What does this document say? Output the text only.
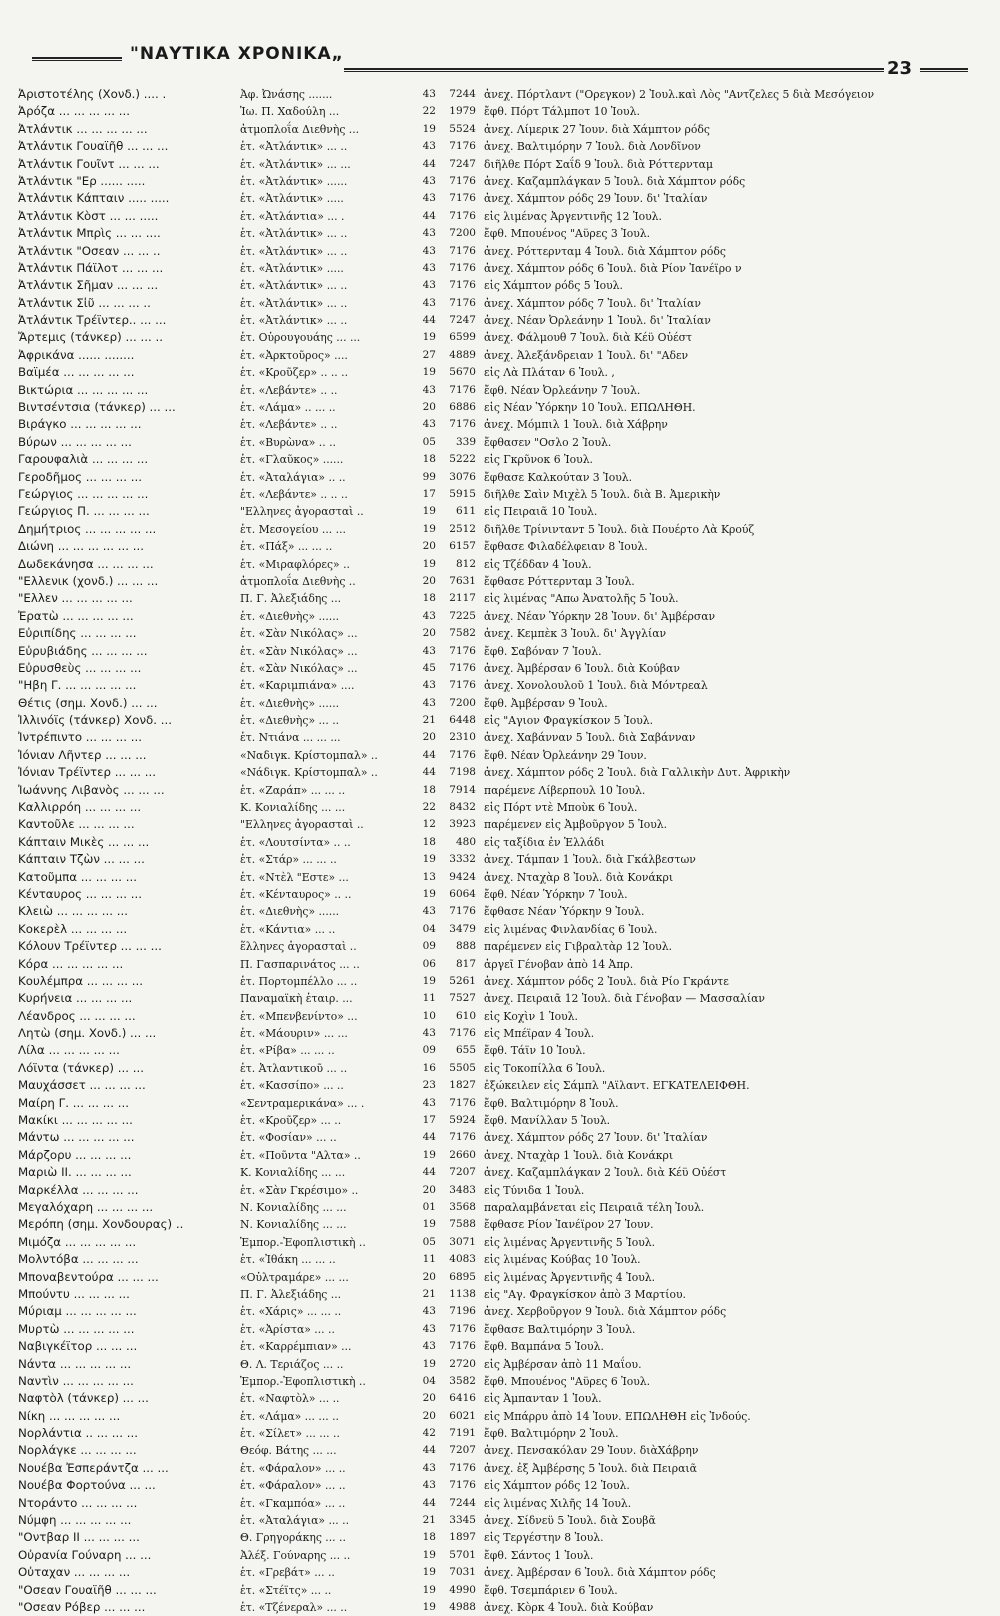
"ΝΑΥΤΙΚΑ ΧΡΟΝΙΚΑ„
23
Ἀριστοτέλης (Χονδ.) .... .	Ἀφ. Ὠνάσης .......	43	7244 ἀνεχ. Πόρτλαντ ("Ορεγκον) 2 Ἰουλ.καὶ Λὸς "Αντζελες 5 διὰ Μεσόγειον
Ἀρόζα ... ... ... ... ...	Ἰω. Π. Χαδούλη ...	22	1979 ἔφθ. Πόρτ Τάλμποτ 10 Ἰουλ.
Ἀτλάντικ ... ... ... ... ...	ἀτμοπλοΐα Διεθνὴς ...	19	5524 ἀνεχ. Λίμερικ 27 Ἰουν. διὰ Χάμπτον ρόδς
Ἀτλάντικ Γουαϊῆθ ... ... ...	ἑτ. «Ἀτλάντικ» ... ..	43	7176 ἀνεχ. Βαλτιμόρην 7 Ἰουλ. διὰ Λονδῖνον
Ἀτλάντικ Γουῖντ ... ... ...	ἑτ. «Ἀτλάντικ» ... ...	44	7247 διῆλθε Πόρτ Σαΐδ 9 Ἰουλ. διὰ Ρόττερνταμ
Ἀτλάντικ "Ερ ...... .....	ἑτ. «Ἀτλάντικ» ......	43	7176 ἀνεχ. Καζαμπλάγκαν 5 Ἰουλ. διὰ Χάμπτον ρόδς
Ἀτλάντικ Κάπταιν ..... .....	ἑτ. «Ἀτλάντικ» .....	43	7176 ἀνεχ. Χάμπτον ρόδς 29 Ἰουν. δι' Ἰταλίαν
Ἀτλάντικ Κὸστ ... ... .....	ἑτ. «Ἀτλάντια» ... .	44	7176 εἰς λιμένας Ἀργεντινῆς 12 Ἰουλ.
Ἀτλάντικ Μπρὶς ... ... ....	ἑτ. «Ἀτλάντικ» ... ..	43	7200 ἔφθ. Μπουένος "Αϋρες 3 Ἰουλ.
Ἀτλάντικ "Οσεαν ... ... ..	ἑτ. «Ἀτλάντικ» ... ..	43	7176 ἀνεχ. Ρόττερνταμ 4 Ἰουλ. διὰ Χάμπτον ρόδς
Ἀτλάντικ Πάϊλοτ ... ... ...	ἑτ. «Ἀτλάντικ» .....	43	7176 ἀνεχ. Χάμπτον ρόδς 6 Ἰουλ. διὰ Ρίον Ἰανέϊρο ν
Ἀτλάντικ Σῆμαν ... ... ...	ἑτ. «Ἀτλάντικ» ... ..	43	7176 εἰς Χάμπτον ρόδς 5 Ἰουλ.
Ἀτλάντικ Σἰῦ ... ... ... ..	ἑτ. «Ἀτλάντικ» ... ..	43	7176 ἀνεχ. Χάμπτον ρόδς 7 Ἰουλ. δι' Ἰταλίαν
Ἀτλάντικ Τρέϊντερ.. ... ...	ἑτ. «Ἀτλάντικ» ... ..	44	7247 ἀνεχ. Νέαν Ὀρλεάνην 1 Ἰουλ. δι' Ἰταλίαν
Ἄρτεμις (τάνκερ) ... ... ..	ἑτ. Οὐρουγουάης ... ...	19	6599 ἀνεχ. Φάλμουθ 7 Ἰουλ. διὰ Κέϋ Οὐέστ
Ἀφρικάνα ...... ........	ἑτ. «Ἀρκτοῦρος» ....	27	4889 ἀνεχ. Ἀλεξάνδρειαν 1 Ἰουλ. δι' "Αδεν
Βαϊμέα ... ... ... ... ...	ἑτ. «Κροῦζερ» .. .. ..	19	5670 εἰς Λὰ Πλάταν 6 Ἰουλ. ,
Βικτώρια ... ... ... ... ...	ἑτ. «Λεβάντε» .. ..	43	7176 ἔφθ. Νέαν Ὀρλεάνην 7 Ἰουλ.
Βιντσέντσια (τάνκερ) ... ...	ἑτ. «Λάμα» .. ... ..	20	6886 εἰς Νέαν Ὑόρκην 10 Ἰουλ. ΕΠΩΛΗΘΗ.
Βιράγκο ... ... ... ... ...	ἑτ. «Λεβάντε» .. ..	43	7176 ἀνεχ. Μόμπιλ 1 Ἰουλ. διὰ Χάβρην
Βύρων ... ... ... ... ...	ἑτ. «Βυρὼνα» .. ..	05	339 ἔφθασεν "Οσλο 2 Ἰουλ.
Γαρουφαλιὰ ... ... ... ...	ἑτ. «Γλαῦκος» ......	18	5222 εἰς Γκρῦνοκ 6 Ἰουλ.
Γεροδῆμος ... ... ... ...	ἑτ. «Ἀταλάγια» .. ..	99	3076 ἔφθασε Καλκούταν 3 Ἰουλ.
Γεώργιος ... ... ... ... ...	ἑτ. «Λεβάντε» .. .. ..	17	5915 διῆλθε Σαὶν Μιχὲλ 5 Ἰουλ. διὰ Β. Ἀμερικὴν
Γεώργιος Π. ... ... ... ...	"Ελληνες ἀγορασταὶ ..	19	611 εἰς Πειραιᾶ 10 Ἰουλ.
Δημήτριος ... ... ... ... ...	ἑτ. Μεσογείου ... ...	19	2512 διῆλθε Τρίνιντανт 5 Ἰουλ. διὰ Πουέρτο Λὰ Κρούζ
Διώνη ... ... ... ... ... ...	ἑτ. «Πάξ» ... ... ..	20	6157 ἔφθασε Φιλαδέλφειαν 8 Ἰουλ.
Δωδεκάνησα ... ... ... ...	ἑτ. «Μιραφλόρες» ..	19	812 εἰς Τζέδδαν 4 Ἰουλ.
"Ελλενικ (χονδ.) ... ... ...	ἀτμοπλοΐα Διεθνὴς ..	20	7631 ἔφθασε Ρόττερνταμ 3 Ἰουλ.
"Ελλεν ... ... ... ... ...	Π. Γ. Ἀλεξιάδης ...	18	2117 εἰς λιμένας "Απω Ἀνατολῆς 5 Ἰουλ.
Ἐρατὼ ... ... ... ... ...	ἑτ. «Διεθνὴς» ......	43	7225 ἀνεχ. Νέαν Ὑόρκην 28 Ἰουν. δι' Ἀμβέρσαν
Εὐριπίδης ... ... ... ...	ἑτ. «Σὰν Νικόλας» ...	20	7582 ἀνεχ. Κεμπὲκ 3 Ἰουλ. δι' Ἀγγλίαν
Εὐρυβιάδης ... ... ... ...	ἑτ. «Σὰν Νικόλας» ...	43	7176 ἔφθ. Σαβόναν 7 Ἰουλ.
Εὐρυσθεὺς ... ... ... ...	ἑτ. «Σὰν Νικόλας» ...	45	7176 ἀνεχ. Ἀμβέρσαν 6 Ἰουλ. διὰ Κούβαν
"Ηβη Γ. ... ... ... ... ...	ἑτ. «Καριμπιάνα» ....	43	7176 ἀνεχ. Χονολουλοῦ 1 Ἰουλ. διὰ Μόντρεαλ
Θέτις (σημ. Χονδ.) ... ...	ἑτ. «Διεθνὴς» ......	43	7200 ἔφθ. Ἀμβέρσαν 9 Ἰουλ.
Ἰλλινόϊς (τάνκερ) Χονδ. ...	ἑτ. «Διεθνὴς» ... ..	21	6448 εἰς "Αγιον Φραγκίσκον 5 Ἰουλ.
Ἰντρέπιντο ... ... ... ...	ἑτ. Ντιάνα ... ... ...	20	2310 ἀνεχ. Χαβάνναν 5 Ἰουλ. διὰ Σαβάνναν
Ἰόνιαν Λῆντερ ... ... ...	«Ναδιγκ. Κρίστομπαλ» ..	44	7176 ἔφθ. Νέαν Ὀρλεάνην 29 Ἰουν.
Ἰόνιαν Τρέϊντερ ... ... ...	«Νάδιγκ. Κρίστομπαλ» ..	44	7198 ἀνεχ. Χάμπτον ρόδς 2 Ἰουλ. διὰ Γαλλικὴν Δυτ. Ἀφρικὴν
Ἰωάννης Λιβανὸς ... ... ...	ἑτ. «Ζαράπ» ... ... ..	18	7914 παρέμενε Λίβερπουλ 10 Ἰουλ.
Καλλιρρόη ... ... ... ...	Κ. Κονιαλίδης ... ...	22	8432 εἰς Πόρτ ντὲ Μποὺκ 6 Ἰουλ.
Καντοῦλε ... ... ... ...	"Ελληνες ἀγορασταὶ ..	12	3923 παρέμενεν εἰς Ἀμβοῦργον 5 Ἰουλ.
Κάπταιν Μικὲς ... ... ...	ἑτ. «Λουτσίντα» .. ..	18	480 εἰς ταξίδια ἐν Ἑλλάδι
Κάπταιν Τζὼν ... ... ...	ἑτ. «Στάρ» ... ... ..	19	3332 ἀνεχ. Τάμπαν 1 Ἰουλ. διὰ Γκάλβεστων
Κατοῦμπα ... ... ... ...	ἑτ. «Ντὲλ "Εστε» ...	13	9424 ἀνεχ. Νταχὰρ 8 Ἰουλ. διὰ Κονάκρι
Κένταυρος ... ... ... ...	ἑτ. «Κένταυρος» .. ..	19	6064 ἔφθ. Νέαν Ὑόρκην 7 Ἰουλ.
Κλειὼ ... ... ... ... ...	ἑτ. «Διεθνὴς» ......	43	7176 ἔφθασε Νέαν Ὑόρκην 9 Ἰουλ.
Κοκερὲλ ... ... ... ...	ἑτ. «Κάντια» ... ..	04	3479 εἰς λιμένας Φινλανδίας 6 Ἰουλ.
Κόλουν Τρέϊντερ ... ... ...	ἕλληνες ἀγορασταὶ ..	09	888 παρέμενεν εἰς Γιβραλτὰρ 12 Ἰουλ.
Κόρα ... ... ... ... ...	Π. Γασπαρινάτος ... ..	06	817 ἀργεῖ Γένοβαν ἀπὸ 14 Ἀπρ.
Κουλέμπρα ... ... ... ...	ἑτ. Πορτομπέλλο ... ..	19	5261 ἀνεχ. Χάμπτον ρόδς 2 Ἰουλ. διὰ Ρίο Γκράντε
Κυρήνεια ... ... ... ...	Παναμαϊκὴ ἑταιρ. ...	11	7527 ἀνεχ. Πειραιᾶ 12 Ἰουλ. διὰ Γένοβαν — Μασσαλίαν
Λέανδρος ... ... ... ...	ἑτ. «Μπενβενίντο» ...	10	610 εἰς Κοχὶν 1 Ἰουλ.
Λητὼ (σημ. Χονδ.) ... ...	ἑτ. «Μάουριν» ... ...	43	7176 εἰς Μπέϊραν 4 Ἰουλ.
Λίλα ... ... ... ... ...	ἑτ. «Ρίβα» ... ... ..	09	655 ἔφθ. Τάϊν 10 Ἰουλ.
Λόϊντα (τάνκερ) ... ...	ἑτ. Ἀτλαντικοῦ ... ..	16	5505 εἰς Τοκοπίλλα 6 Ἰουλ.
Μαυχάσσετ ... ... ... ...	ἑτ. «Κασσίπο» ... ..	23	1827 ἐξώκειλεν εἰς Σάμπλ "Αϊλαντ. ΕΓΚΑΤΕΛΕΙΦΘΗ.
Μαίρη Γ. ... ... ... ...	«Σεντραμερικάνα» ... .	43	7176 ἔφθ. Βαλτιμόρην 8 Ἰουλ.
Μακίκι ... ... ... ... ...	ἑτ. «Κροῦζερ» ... ..	17	5924 ἔφθ. Μανίλλαν 5 Ἰουλ.
Μάντω ... ... ... ... ...	ἑτ. «Φοσίαν» ... ..	44	7176 ἀνεχ. Χάμπτον ρόδς 27 Ἰουν. δι' Ἰταλίαν
Μάρζορυ ... ... ... ...	ἑτ. «Ποῦντα "Αλτα» ..	19	2660 ἀνεχ. Νταχὰρ 1 Ἰουλ. διὰ Κονάκρι
Μαριὼ ΙΙ. ... ... ... ...	Κ. Κονιαλίδης ... ...	44	7207 ἀνεχ. Καζαμπλάγκαν 2 Ἰουλ. διὰ Κέϋ Οὐέστ
Μαρκέλλα ... ... ... ...	ἑτ. «Σὰν Γκρέσιμο» ..	20	3483 εἰς Τύνιδα 1 Ἰουλ.
Μεγαλόχαρη ... ... ... ...	Ν. Κονιαλίδης ... ...	01	3568 παραλαμβάνεται εἰς Πειραιᾶ τέλη Ἰουλ.
Μερόπη (σημ. Χονδουρας) ..	Ν. Κονιαλίδης ... ...	19	7588 ἔφθασε Ρίον Ἰανέϊρον 27 Ἰουν.
Μιμόζα ... ... ... ... ...	Ἐμπορ.-Ἐφοπλιστικὴ ..	05	3071 εἰς λιμένας Ἀργεντινῆς 5 Ἰουλ.
Μολντόβα ... ... ... ...	ἑτ. «Ἰθάκη ... ... ..	11	4083 εἰς λιμένας Κούβας 10 Ἰουλ.
Μποναβεντούρα ... ... ...	«Οὐλτραμάρε» ... ...	20	6895 εἰς λιμένας Ἀργεντινῆς 4 Ἰουλ.
Μπούντυ ... ... ... ...	Π. Γ. Ἀλεξιάδης ...	21	1138 εἰς "Αγ. Φραγκίσκον ἀπὸ 3 Μαρτίου.
Μύριαμ ... ... ... ... ...	ἑτ. «Χάρις» ... ... ..	43	7196 ἀνεχ. Χερβοῦργον 9 Ἰουλ. διὰ Χάμπτον ρόδς
Μυρτὼ ... ... ... ... ...	ἑτ. «Ἀρίστα» ... ..	43	7176 ἔφθασε Βαλτιμόρην 3 Ἰουλ.
Ναβιγκέϊτορ ... ... ...	ἑτ. «Καρρέμπιαν» ...	43	7176 ἔφθ. Βαμπάνα 5 Ἰουλ.
Νάντα ... ... ... ... ...	Θ. Λ. Τεριάζος ... ..	19	2720 εἰς Ἀμβέρσαν ἀπὸ 11 Μαΐου.
Ναντὶν ... ... ... ... ...	Ἐμπορ.-Ἐφοπλιστικὴ ..	04	3582 ἔφθ. Μπουένος "Αϋρες 6 Ἰουλ.
Ναφτὸλ (τάνκερ) ... ...	ἑτ. «Ναφτὸλ» ... ..	20	6416 εἰς Ἀμπανταν 1 Ἰουλ.
Νίκη ... ... ... ... ...	ἑτ. «Λάμα» ... ... ..	20	6021 εἰς Μπάρρυ ἀπὸ 14 Ἰουν. ΕΠΩΛΗΘΗ εἰς Ἰνδούς.
Νορλάντια .. ... ... ...	ἑτ. «Σίλετ» ... ... ..	42	7191 ἔφθ. Βαλτιμόρην 2 Ἰουλ.
Νορλάγκε ... ... ... ...	Θεόφ. Βάτης ... ...	44	7207 ἀνεχ. Πενσακόλαν 29 Ἰουν. διὰΧάβρην
Νουέβα Ἐσπεράντζα ... ...	ἑτ. «Φάραλον» ... ..	43	7176 ἀνεχ. ἐξ Ἀμβέρσης 5 Ἰουλ. διὰ Πειραιᾶ
Νουέβα Φορτούνα ... ...	ἑτ. «Φάραλον» ... ..	43	7176 εἰς Χάμπτον ρόδς 12 Ἰουλ.
Ντοράντο ... ... ... ...	ἑτ. «Γκαμπόα» ... ..	44	7244 εἰς λιμένας Χιλῆς 14 Ἰουλ.
Νύμφη ... ... ... ... ...	ἑτ. «Ἀταλάγια» ... ..	21	3345 ἀνεχ. Σίδνεϋ 5 Ἰουλ. διὰ Σουβᾶ
"Οντβαρ ΙΙ ... ... ... ...	Θ. Γρηγοράκης ... ..	18	1897 εἰς Τεργέστην 8 Ἰουλ.
Οὐρανία Γούναρη ... ...	Ἀλέξ. Γούναρης ... ..	19	5701 ἔφθ. Σάντος 1 Ἰουλ.
Οὐταχαν ... ... ... ...	ἑτ. «Γρεβάτ» ... ..	19	7031 ἀνεχ. Ἀμβέρσαν 6 Ἰουλ. διὰ Χάμπτον ρόδς
"Οσεαν Γουαϊῆθ ... ... ...	ἑτ. «Στέϊτς» ... ..	19	4990 ἔφθ. Τσεμπάριεν 6 Ἰουλ.
"Οσεαν Ρόβερ ... ... ...	ἑτ. «Τζένεραλ» ... ..	19	4988 ἀνεχ. Κὸρκ 4 Ἰουλ. διὰ Κούβαν
